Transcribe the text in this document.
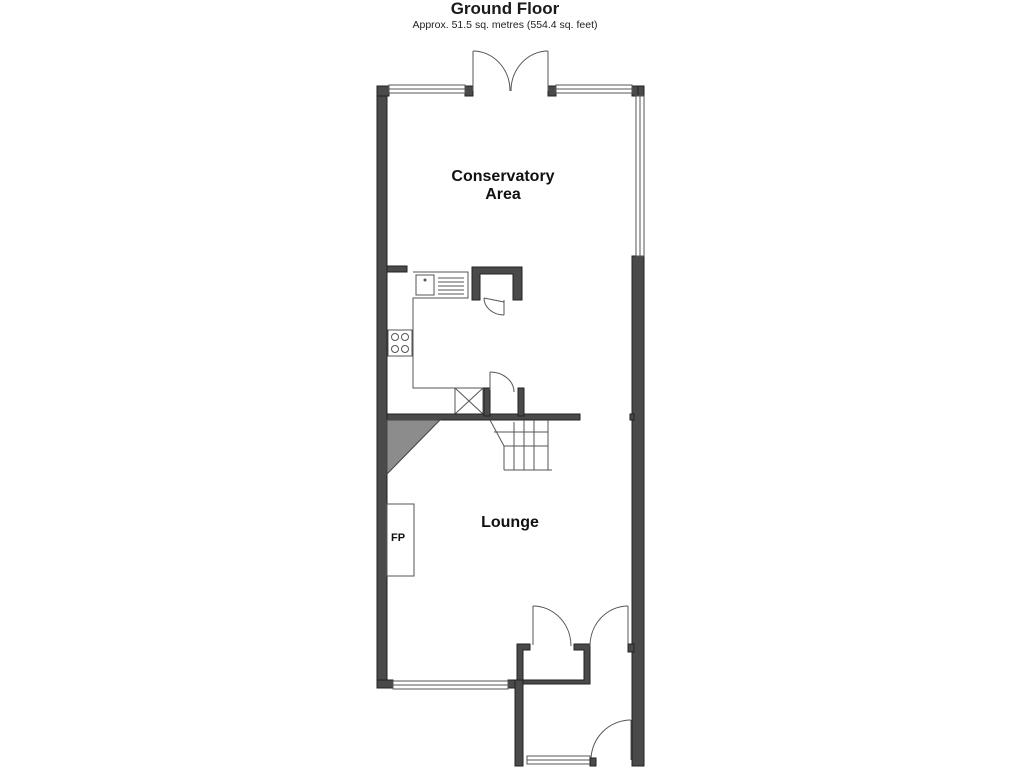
Ground Floor
Approx. 51.5 sq. metres (554.4 sq. feet)
FP
Conservatory
Area
Lounge
